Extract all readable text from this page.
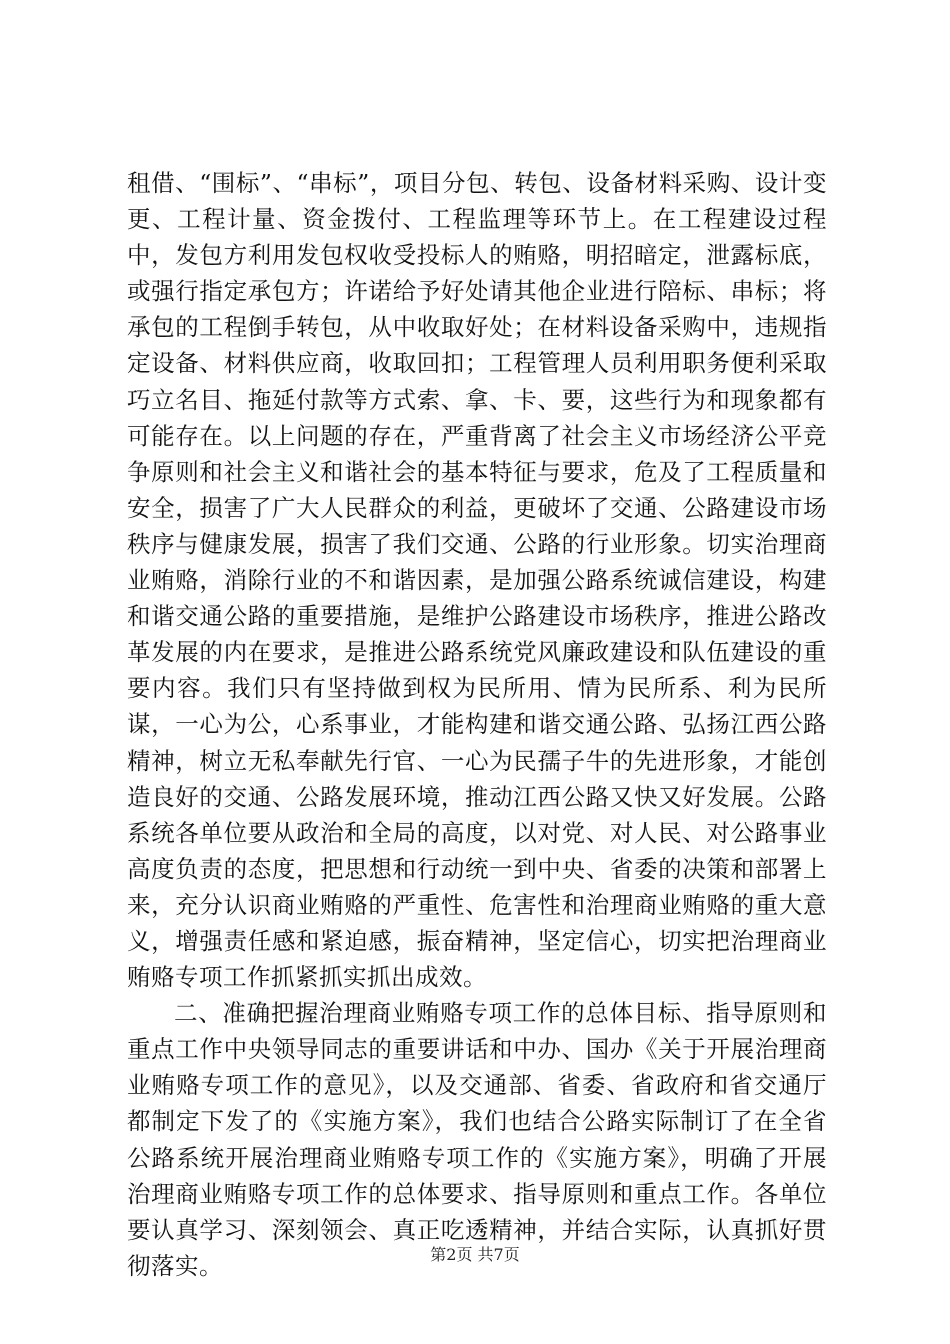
租借、“围标”、“串标”，项目分包、转包、设备材料采购、设计变更、工程计量、资金拨付、工程监理等环节上。在工程建设过程中，发包方利用发包权收受投标人的贿赂，明招暗定，泄露标底，或强行指定承包方；许诺给予好处请其他企业进行陪标、串标；将承包的工程倒手转包，从中收取好处；在材料设备采购中，违规指定设备、材料供应商，收取回扣；工程管理人员利用职务便利采取巧立名目、拖延付款等方式索、拿、卡、要，这些行为和现象都有可能存在。以上问题的存在，严重背离了社会主义市场经济公平竞争原则和社会主义和谐社会的基本特征与要求，危及了工程质量和安全，损害了广大人民群众的利益，更破坏了交通、公路建设市场秩序与健康发展，损害了我们交通、公路的行业形象。切实治理商业贿赂，消除行业的不和谐因素，是加强公路系统诚信建设，构建和谐交通公路的重要措施，是维护公路建设市场秩序，推进公路改革发展的内在要求，是推进公路系统党风廉政建设和队伍建设的重要内容。我们只有坚持做到权为民所用、情为民所系、利为民所谋，一心为公，心系事业，才能构建和谐交通公路、弘扬江西公路精神，树立无私奉献先行官、一心为民孺子牛的先进形象，才能创造良好的交通、公路发展环境，推动江西公路又快又好发展。公路系统各单位要从政治和全局的高度，以对党、对人民、对公路事业高度负责的态度，把思想和行动统一到中央、省委的决策和部署上来，充分认识商业贿赂的严重性、危害性和治理商业贿赂的重大意义，增强责任感和紧迫感，振奋精神，坚定信心，切实把治理商业贿赂专项工作抓紧抓实抓出成效。

二、准确把握治理商业贿赂专项工作的总体目标、指导原则和重点工作中央领导同志的重要讲话和中办、国办《关于开展治理商业贿赂专项工作的意见》，以及交通部、省委、省政府和省交通厅都制定下发了的《实施方案》，我们也结合公路实际制订了在全省公路系统开展治理商业贿赂专项工作的《实施方案》，明确了开展治理商业贿赂专项工作的总体要求、指导原则和重点工作。各单位要认真学习、深刻领会、真正吃透精神，并结合实际，认真抓好贯彻落实。	第2页 共7页
